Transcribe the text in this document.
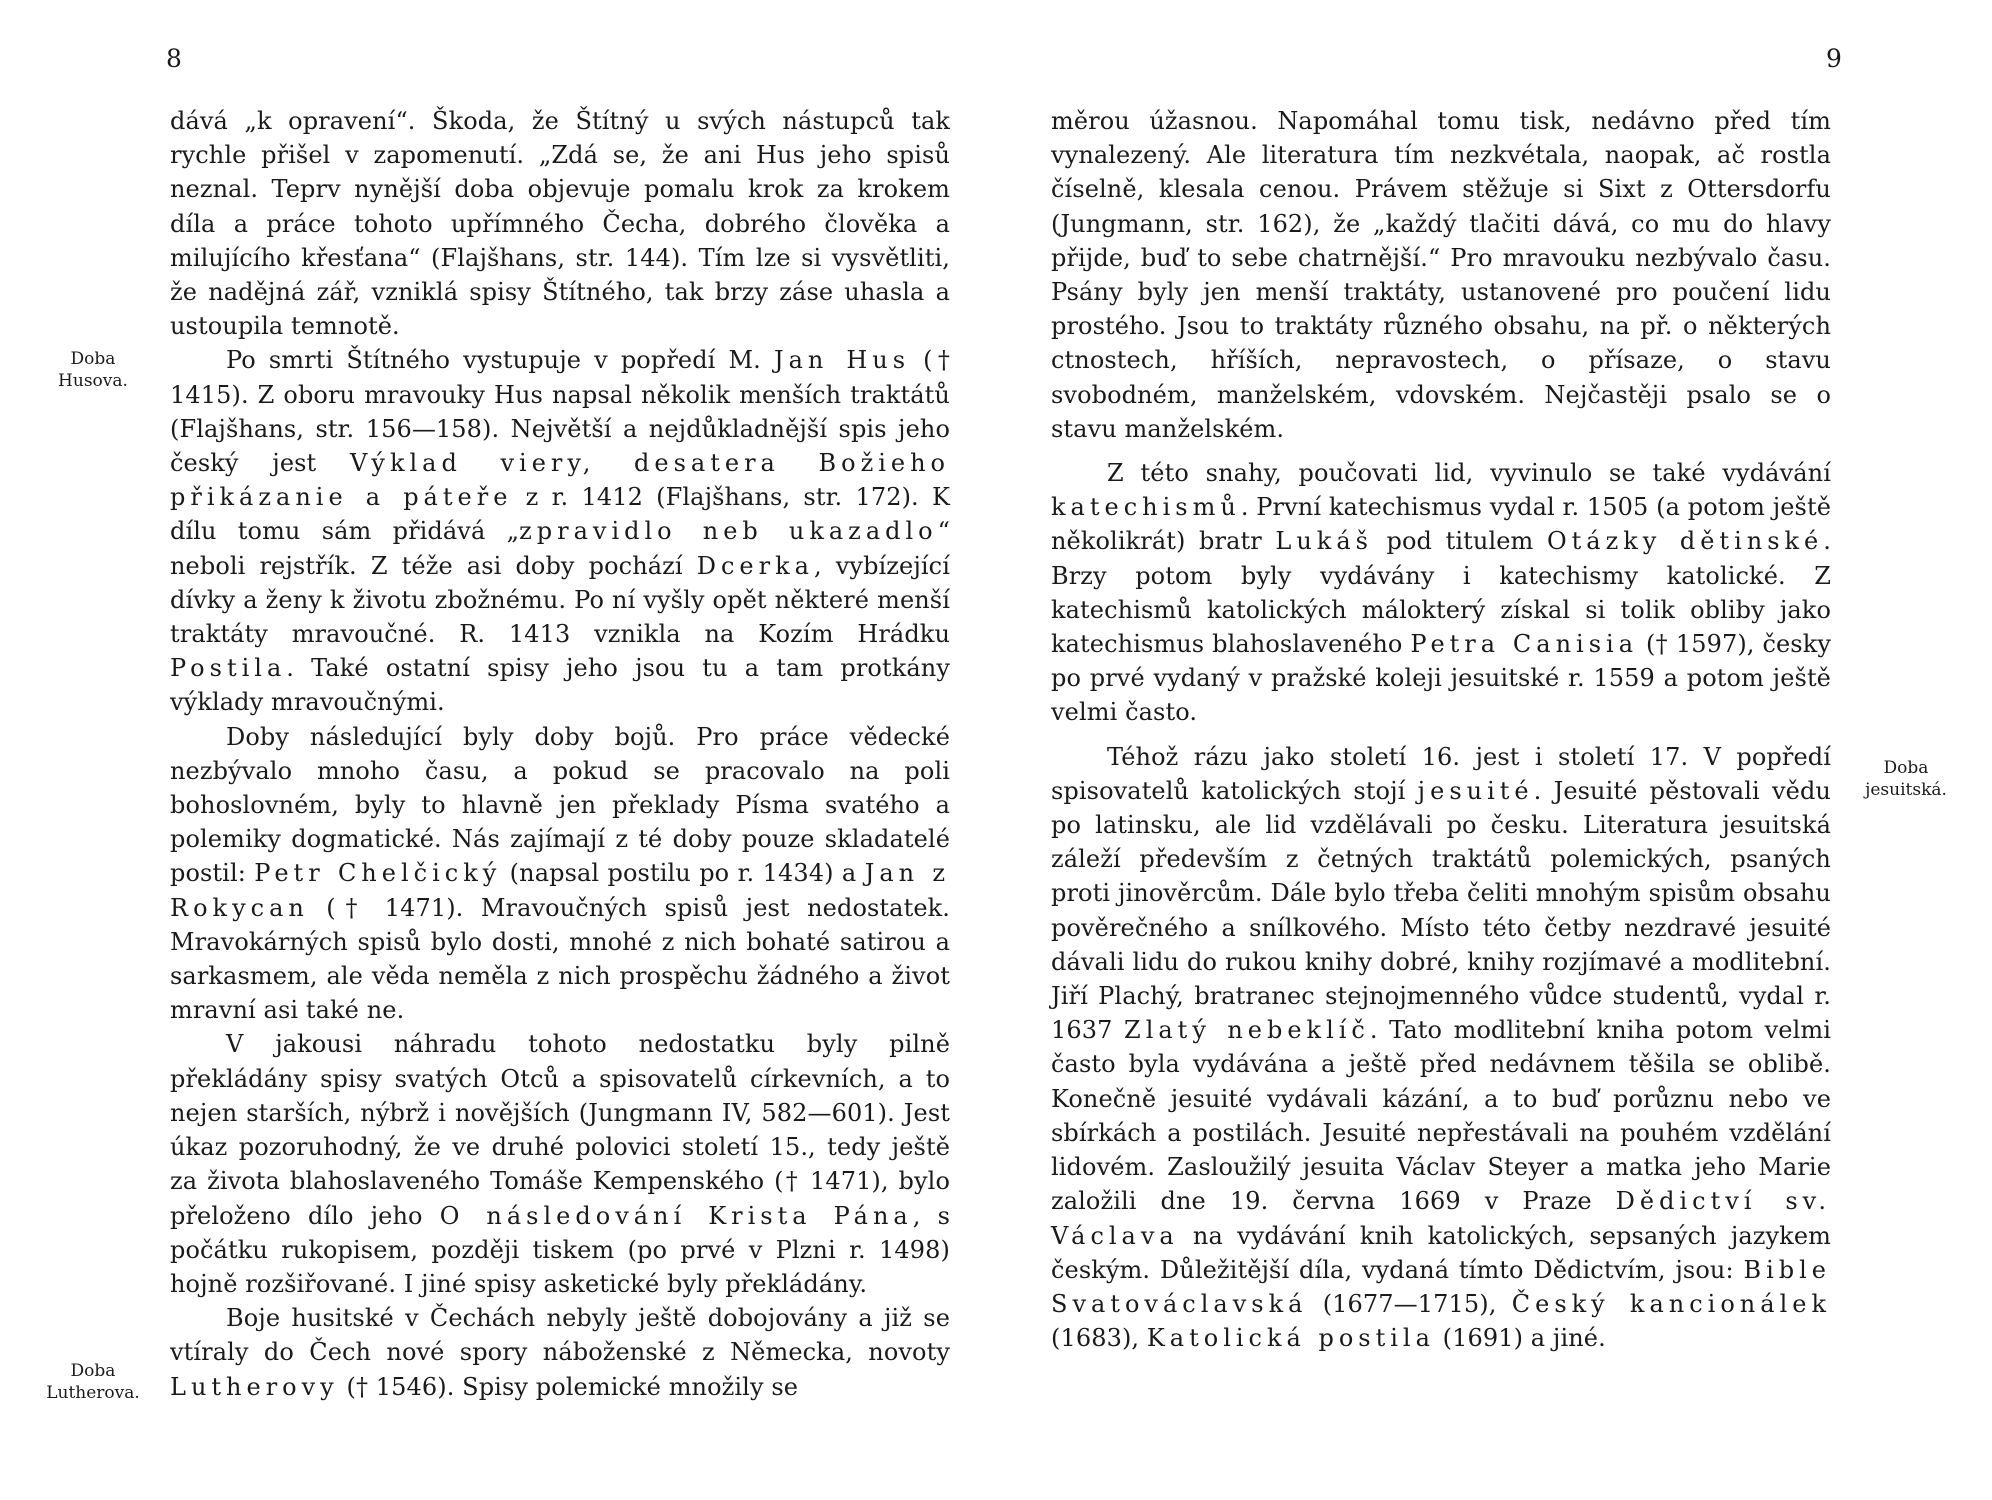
8
Doba
Husova.
Doba
Lutherova.

dává „k opravení“. Škoda, že Štítný u svých nástupců tak rychle přišel v zapomenutí. „Zdá se, že ani Hus jeho spisů neznal. Teprv nynější doba objevuje pomalu krok za krokem díla a práce tohoto upřímného Čecha, dobrého člověka a milujícího křesťana“ (Flajšhans, str. 144). Tím lze si vysvětliti, že nadějná zář, vzniklá spisy Štítného, tak brzy záse uhasla a ustoupila temnotě.

Po smrti Štítného vystupuje v popředí M. Jan Hus († 1415). Z oboru mravouky Hus napsal několik menších traktátů (Flajšhans, str. 156—158). Největší a nejdůkladnější spis jeho český jest Výklad viery, desatera Božieho přikázanie a páteře z r. 1412 (Flajšhans, str. 172). K dílu tomu sám přidává „zpravidlo neb ukazadlo“ neboli rejstřík. Z téže asi doby pochází Dcerka, vybízející dívky a ženy k životu zbožnému. Po ní vyšly opět některé menší traktáty mravoučné. R. 1413 vznikla na Kozím Hrádku Postila. Také ostatní spisy jeho jsou tu a tam protkány výklady mravoučnými.

Doby následující byly doby bojů. Pro práce vědecké nezbývalo mnoho času, a pokud se pracovalo na poli bohoslovném, byly to hlavně jen překlady Písma svatého a polemiky dogmatické. Nás zajímají z té doby pouze skladatelé postil: Petr Chelčický (napsal postilu po r. 1434) a Jan z Rokycan († 1471). Mravoučných spisů jest nedostatek. Mravokárných spisů bylo dosti, mnohé z nich bohaté satirou a sarkasmem, ale věda neměla z nich prospěchu žádného a život mravní asi také ne.

V jakousi náhradu tohoto nedostatku byly pilně překládány spisy svatých Otců a spisovatelů církevních, a to nejen starších, nýbrž i novějších (Jungmann IV, 582—601). Jest úkaz pozoruhodný, že ve druhé polovici století 15., tedy ještě za života blahoslaveného Tomáše Kempenského († 1471), bylo přeloženo dílo jeho O následování Krista Pána, s počátku rukopisem, později tiskem (po prvé v Plzni r. 1498) hojně rozšiřované. I jiné spisy asketické byly překládány.

Boje husitské v Čechách nebyly ještě dobojovány a již se vtíraly do Čech nové spory náboženské z Německa, novoty Lutherovy († 1546). Spisy polemické množily se

9
Doba
jesuitská.

měrou úžasnou. Napomáhal tomu tisk, nedávno před tím vynalezený. Ale literatura tím nezkvétala, naopak, ač rostla číselně, klesala cenou. Právem stěžuje si Sixt z Ottersdorfu (Jungmann, str. 162), že „každý tlačiti dává, co mu do hlavy přijde, buď to sebe chatrnější.“ Pro mravouku nezbývalo času. Psány byly jen menší traktáty, ustanovené pro poučení lidu prostého. Jsou to traktáty různého obsahu, na př. o některých ctnostech, hříších, nepravostech, o přísaze, o stavu svobodném, manželském, vdovském. Nejčastěji psalo se o stavu manželském.

Z této snahy, poučovati lid, vyvinulo se také vydávání katechismů. První katechismus vydal r. 1505 (a potom ještě několikrát) bratr Lukáš pod titulem Otázky dětinské. Brzy potom byly vydávány i katechismy katolické. Z katechismů katolických málokterý získal si tolik obliby jako katechismus blahoslaveného Petra Canisia († 1597), česky po prvé vydaný v pražské koleji jesuitské r. 1559 a potom ještě velmi často.

Téhož rázu jako století 16. jest i století 17. V popředí spisovatelů katolických stojí jesuité. Jesuité pěstovali vědu po latinsku, ale lid vzdělávali po česku. Literatura jesuitská záleží především z četných traktátů polemických, psaných proti jinověrcům. Dále bylo třeba čeliti mnohým spisům obsahu pověrečného a snílkového. Místo této četby nezdravé jesuité dávali lidu do rukou knihy dobré, knihy rozjímavé a modlitební. Jiří Plachý, bratranec stejnojmenného vůdce studentů, vydal r. 1637 Zlatý nebeklíč. Tato modlitební kniha potom velmi často byla vydávána a ještě před nedávnem těšila se oblibě. Konečně jesuité vydávali kázání, a to buď porůznu nebo ve sbírkách a postilách. Jesuité nepřestávali na pouhém vzdělání lidovém. Zasloužilý jesuita Václav Steyer a matka jeho Marie založili dne 19. června 1669 v Praze Dědictví sv. Václava na vydávání knih katolických, sepsaných jazykem českým. Důležitější díla, vydaná tímto Dědictvím, jsou: Bible Svatováclavská (1677—1715), Český kancionálek (1683), Katolická postila (1691) a jiné.
